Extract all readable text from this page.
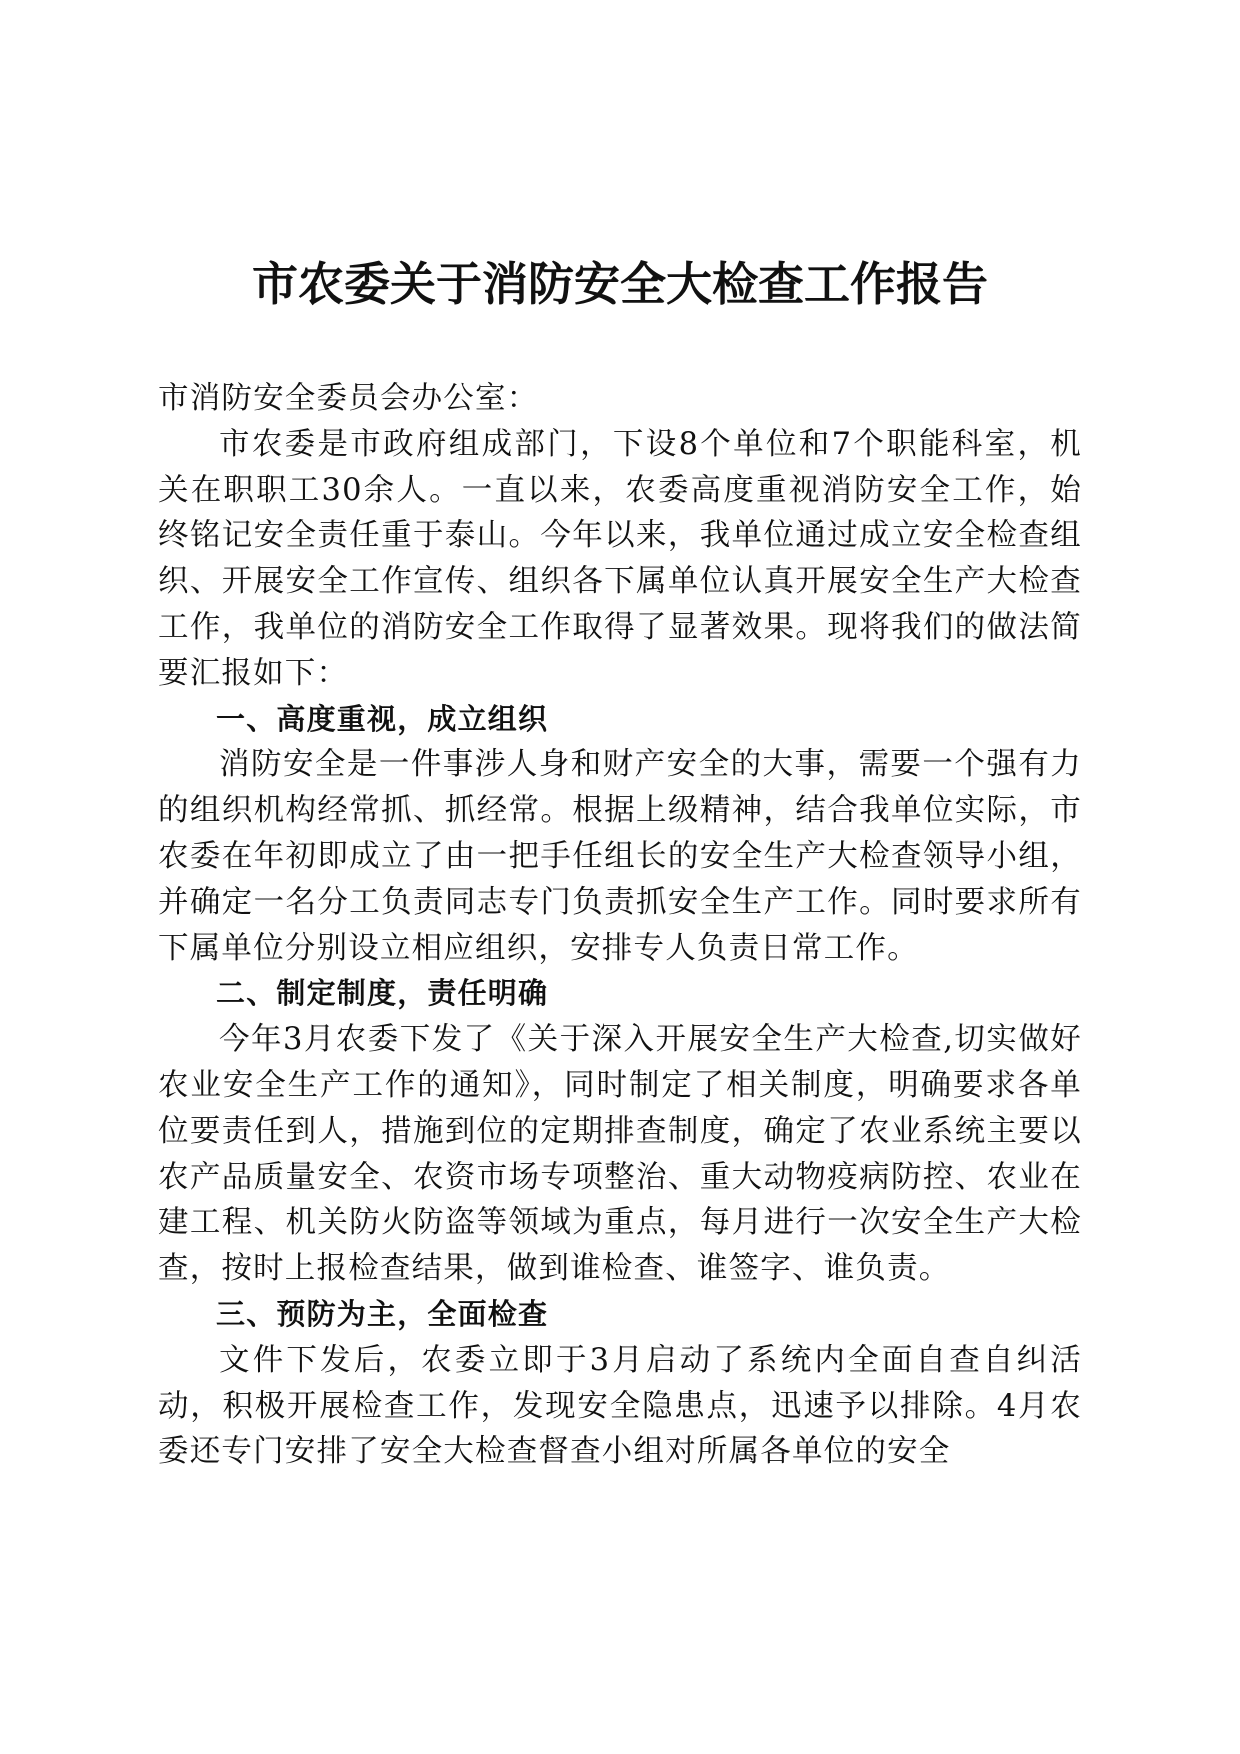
市农委关于消防安全大检查工作报告

市消防安全委员会办公室：

市农委是市政府组成部门，下设8个单位和7个职能科室，机关在职职工30余人。一直以来，农委高度重视消防安全工作，始终铭记安全责任重于泰山。今年以来，我单位通过成立安全检查组织、开展安全工作宣传、组织各下属单位认真开展安全生产大检查工作，我单位的消防安全工作取得了显著效果。现将我们的做法简要汇报如下：

一、高度重视，成立组织

消防安全是一件事涉人身和财产安全的大事，需要一个强有力的组织机构经常抓、抓经常。根据上级精神，结合我单位实际，市农委在年初即成立了由一把手任组长的安全生产大检查领导小组，并确定一名分工负责同志专门负责抓安全生产工作。同时要求所有下属单位分别设立相应组织，安排专人负责日常工作。

二、制定制度，责任明确

今年3月农委下发了《关于深入开展安全生产大检查,切实做好农业安全生产工作的通知》，同时制定了相关制度，明确要求各单位要责任到人，措施到位的定期排查制度，确定了农业系统主要以农产品质量安全、农资市场专项整治、重大动物疫病防控、农业在建工程、机关防火防盗等领域为重点，每月进行一次安全生产大检查，按时上报检查结果，做到谁检查、谁签字、谁负责。

三、预防为主，全面检查

文件下发后，农委立即于3月启动了系统内全面自查自纠活动，积极开展检查工作，发现安全隐患点，迅速予以排除。4月农委还专门安排了安全大检查督查小组对所属各单位的安全
